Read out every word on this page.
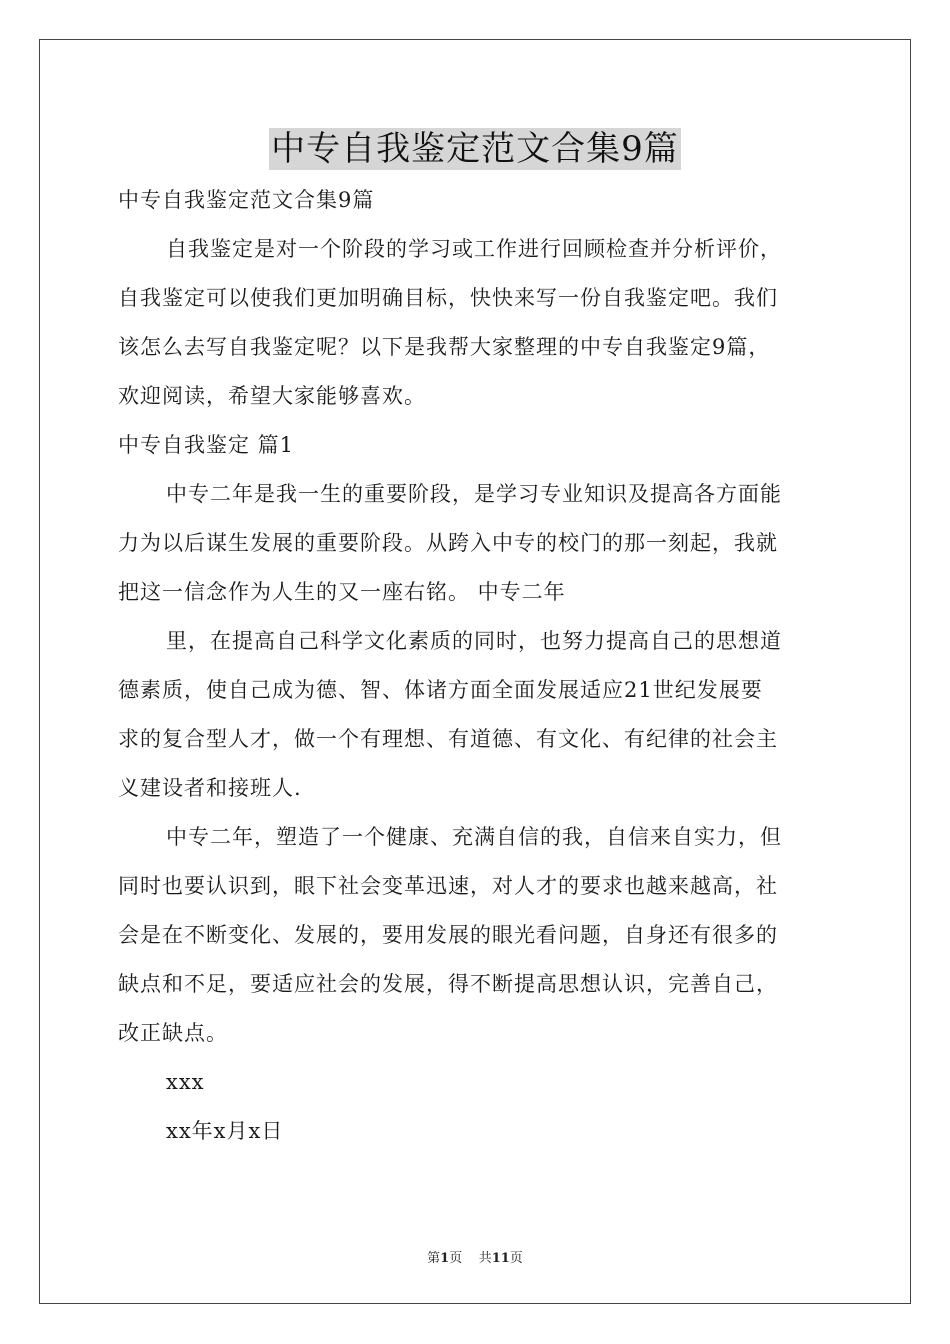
中专自我鉴定范文合集9篇
中专自我鉴定范文合集9篇
自我鉴定是对一个阶段的学习或工作进行回顾检查并分析评价，
自我鉴定可以使我们更加明确目标，快快来写一份自我鉴定吧。我们
该怎么去写自我鉴定呢？以下是我帮大家整理的中专自我鉴定9篇，
欢迎阅读，希望大家能够喜欢。
中专自我鉴定 篇1
中专二年是我一生的重要阶段，是学习专业知识及提高各方面能
力为以后谋生发展的重要阶段。从跨入中专的校门的那一刻起，我就
把这一信念作为人生的又一座右铭。 中专二年
里，在提高自己科学文化素质的同时，也努力提高自己的思想道
德素质，使自己成为德、智、体诸方面全面发展适应21世纪发展要
求的复合型人才，做一个有理想、有道德、有文化、有纪律的社会主
义建设者和接班人.
中专二年，塑造了一个健康、充满自信的我，自信来自实力，但
同时也要认识到，眼下社会变革迅速，对人才的要求也越来越高，社
会是在不断变化、发展的，要用发展的眼光看问题，自身还有很多的
缺点和不足，要适应社会的发展，得不断提高思想认识，完善自己，
改正缺点。
xxx
xx年x月x日
第1页 共11页
